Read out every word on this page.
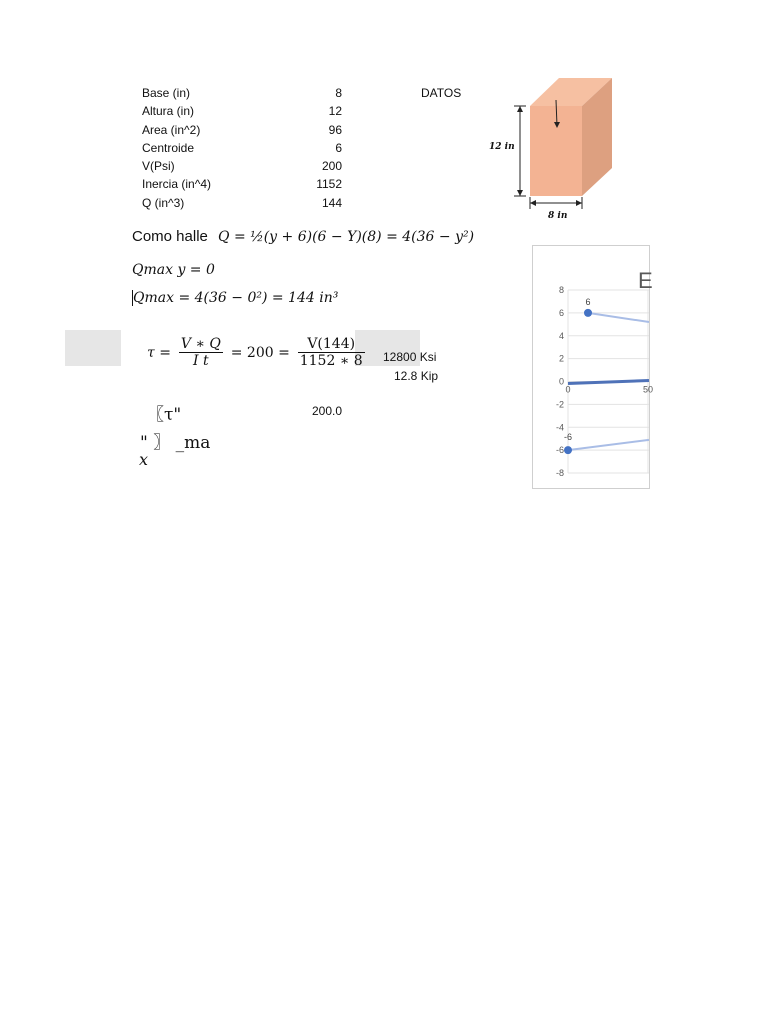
Base (in)	8
Altura (in)	12
Area (in^2)	96
Centroide	6
V(Psi)	200
Inercia (in^4)	1152
Q (in^3)	144
DATOS
12 in
8 in
Como halle Q = ½(y + 6)(6 − Y)(8) = 4(36 − y²)
Qmax y = 0
Qmax = 4(36 − 0²) = 144 in³
$\tau = \frac{V ∗ Q}{\text{I t}} = 200 = \frac{V(144)}{1152 ∗ 8} 12800$ Ksi
12.8 Kip
〖τ"
" 〗 _ma
x
200.0
E
8
6
4
2
0
-2
-4
-6
-8
0	50
6
-6
